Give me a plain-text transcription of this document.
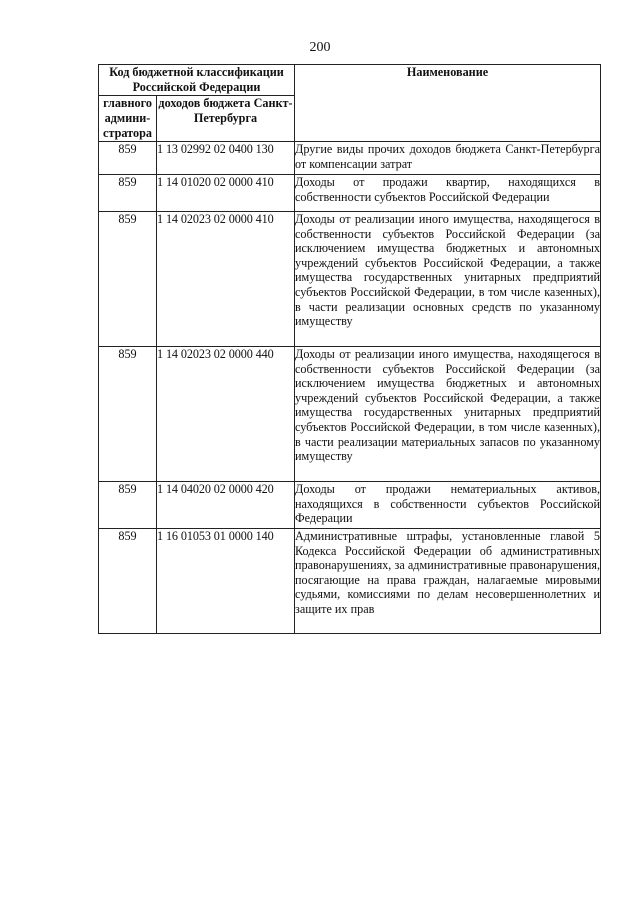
200
Код бюджетной классификации Российской Федерации		Наименование
главного админи-стратора	доходов бюджета Санкт-Петербурга	
859	1 13 02992 02 0400 130	Другие виды прочих доходов бюджета Санкт-Петербурга от компенсации затрат
859	1 14 01020 02 0000 410	Доходы от продажи квартир, находящихся в собственности субъектов Российской Федерации
859	1 14 02023 02 0000 410	Доходы от реализации иного имущества, находящегося в собственности субъектов Российской Федерации (за исключением имущества бюджетных и автономных учреждений субъектов Российской Федерации, а также имущества государственных унитарных предприятий субъектов Российской Федерации, в том числе казенных), в части реализации основных средств по указанному имуществу
859	1 14 02023 02 0000 440	Доходы от реализации иного имущества, находящегося в собственности субъектов Российской Федерации (за исключением имущества бюджетных и автономных учреждений субъектов Российской Федерации, а также имущества государственных унитарных предприятий субъектов Российской Федерации, в том числе казенных), в части реализации материальных запасов по указанному имуществу
859	1 14 04020 02 0000 420	Доходы от продажи нематериальных активов, находящихся в собственности субъектов Российской Федерации
859	1 16 01053 01 0000 140	Административные штрафы, установленные главой 5 Кодекса Российской Федерации об административных правонарушениях, за административные правонарушения, посягающие на права граждан, налагаемые мировыми судьями, комиссиями по делам несовершеннолетних и защите их прав
